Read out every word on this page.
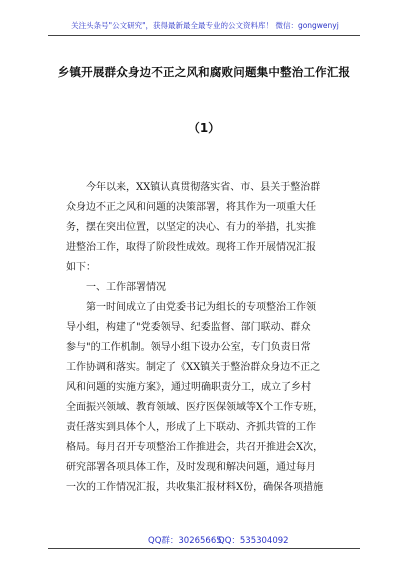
关注头条号"公文研究"，获得最新最全最专业的公文资料库！ 微信：gongwenyj
乡镇开展群众身边不正之风和腐败问题集中整治工作汇报
（1）
　　今年以来，XX镇认真贯彻落实省、市、县关于整治群
众身边不正之风和问题的决策部署，将其作为一项重大任
务，摆在突出位置，以坚定的决心、有力的举措，扎实推
进整治工作，取得了阶段性成效。现将工作开展情况汇报
如下：
　　一、工作部署情况
　　第一时间成立了由党委书记为组长的专项整治工作领
导小组，构建了"党委领导、纪委监督、部门联动、群众
参与"的工作机制。领导小组下设办公室，专门负责日常
工作协调和落实。制定了《XX镇关于整治群众身边不正之
风和问题的实施方案》，通过明确职责分工，成立了乡村
全面振兴领域、教育领域、医疗医保领域等X个工作专班，
责任落实到具体个人，形成了上下联动、齐抓共管的工作
格局。每月召开专项整治工作推进会，共召开推进会X次，
研究部署各项具体工作，及时发现和解决问题，通过每月
一次的工作情况汇报，共收集汇报材料X份，确保各项措施
QQ群：30265665
QQ：535304092
